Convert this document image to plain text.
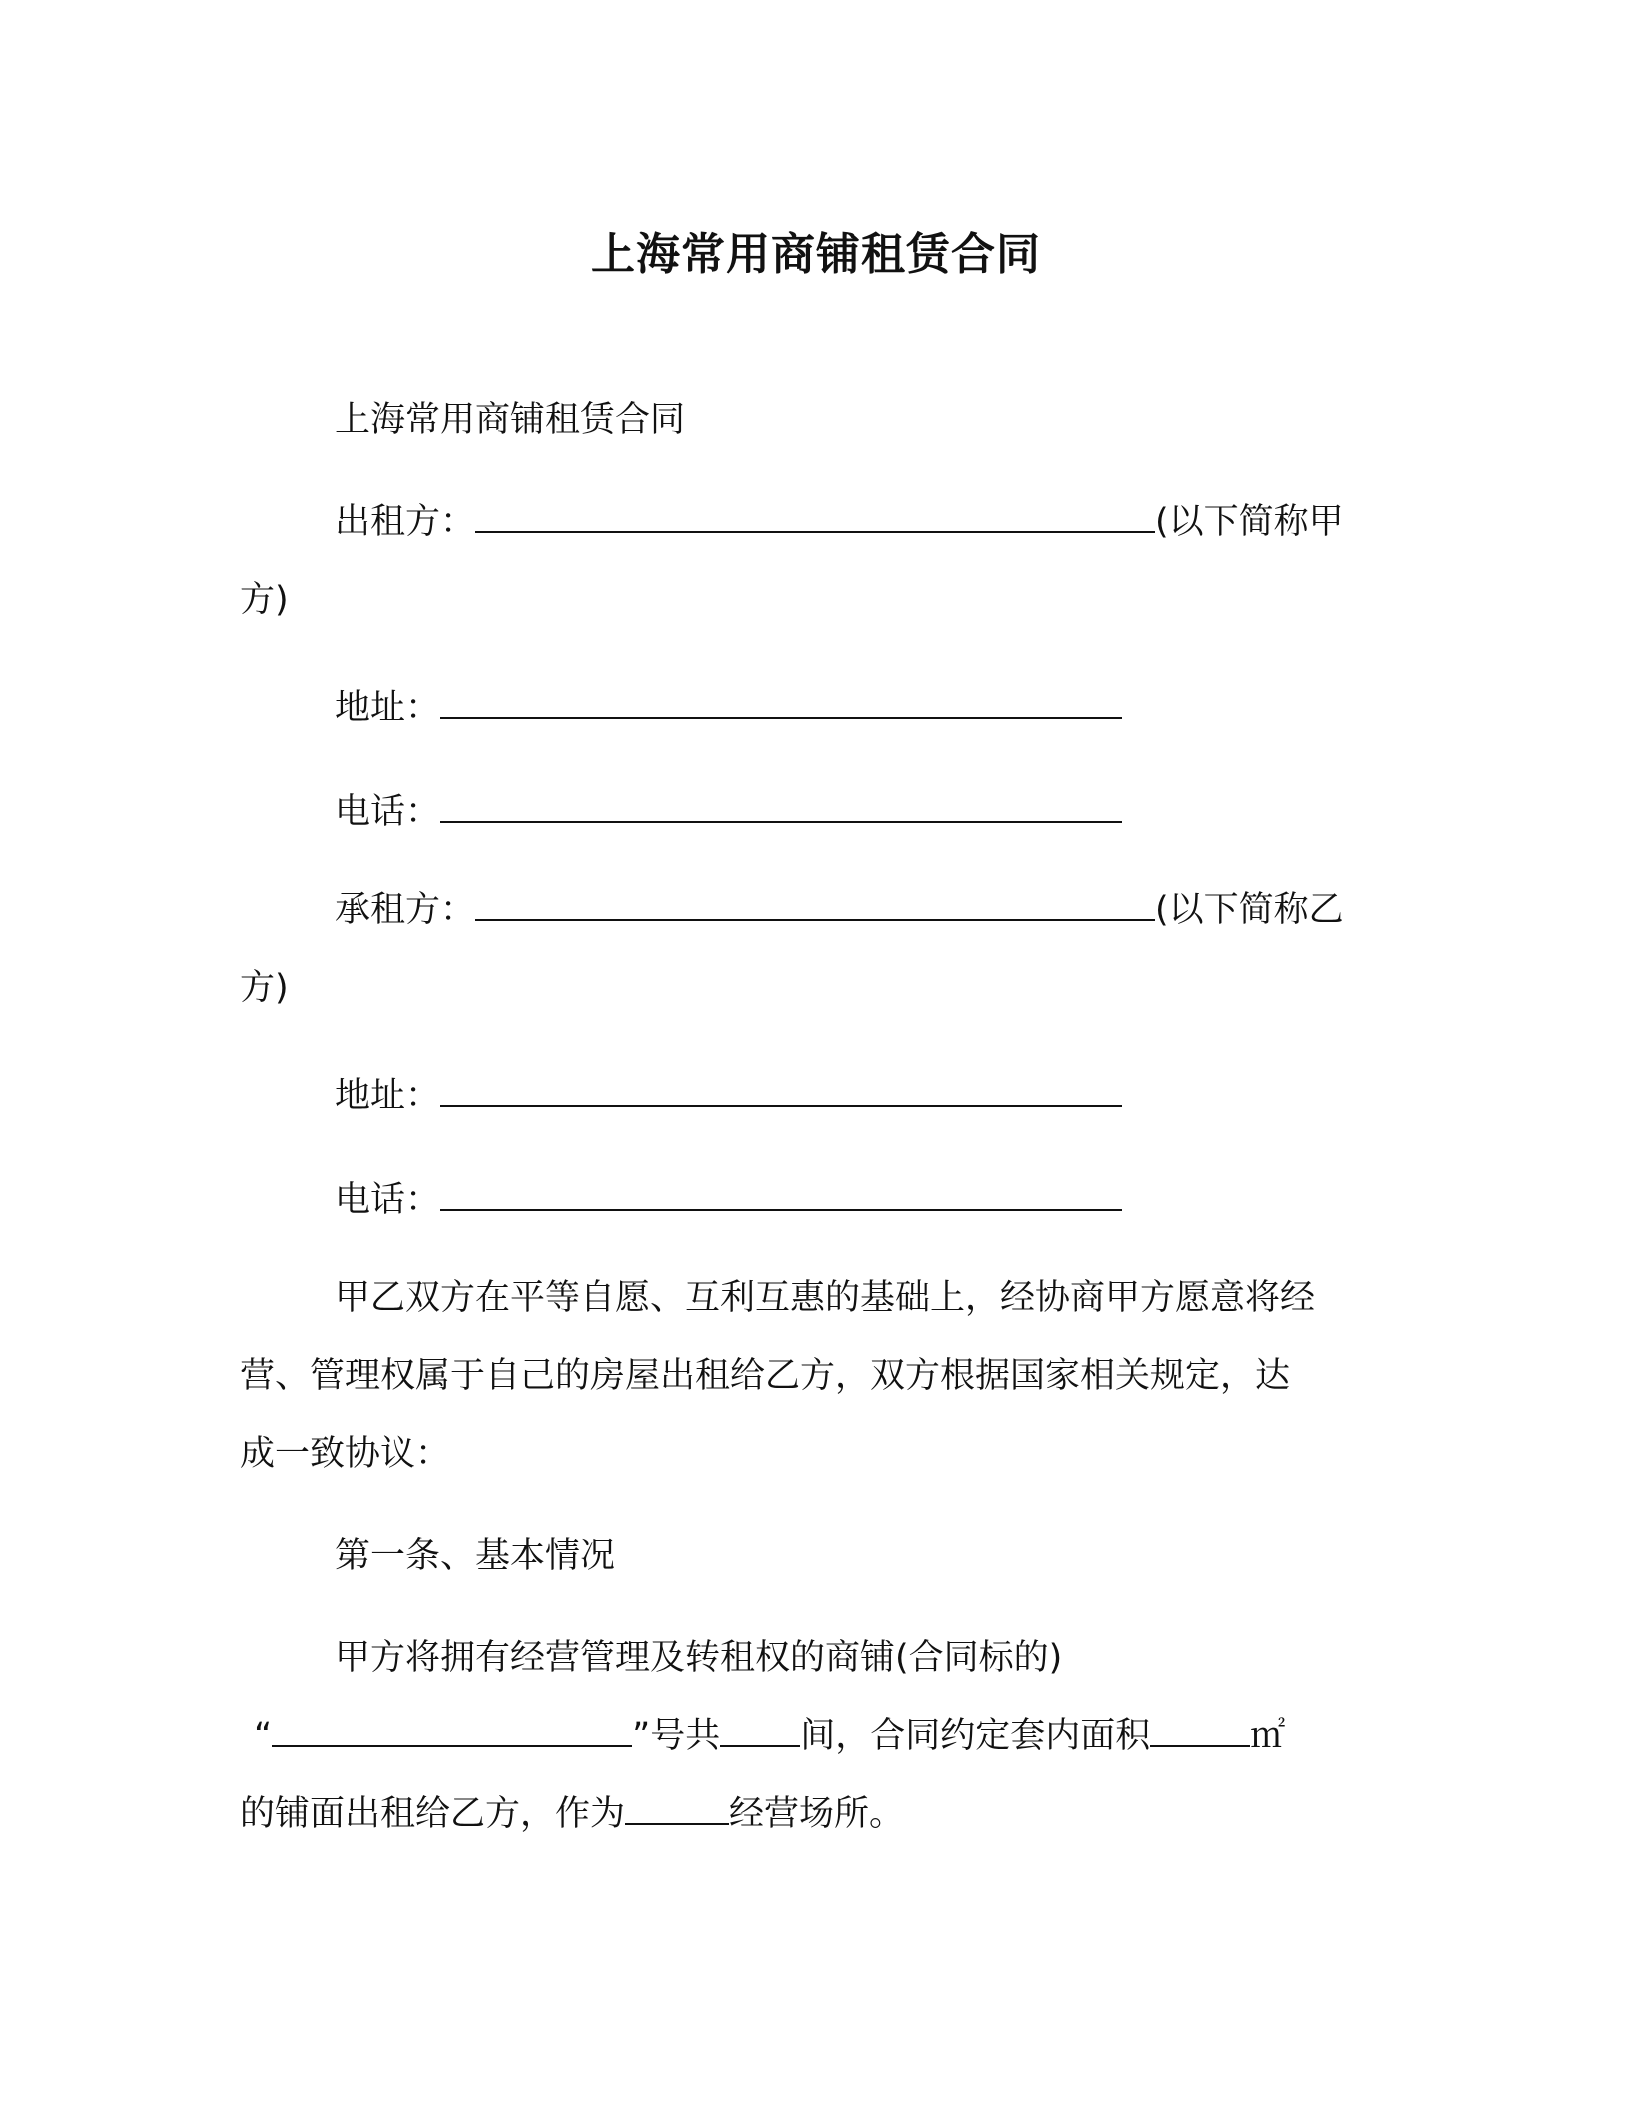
上海常用商铺租赁合同
上海常用商铺租赁合同
出租方：	(以下简称甲
方)
地址：
电话：
承租方：	(以下简称乙
方)
地址：
电话：
甲乙双方在平等自愿、互利互惠的基础上，经协商甲方愿意将经
营、管理权属于自己的房屋出租给乙方，双方根据国家相关规定，达
成一致协议：
第一条、基本情况
甲方将拥有经营管理及转租权的商铺(合同标的)
“	”号共 间，合同约定套内面积	㎡
的铺面出租给乙方，作为	经营场所。
